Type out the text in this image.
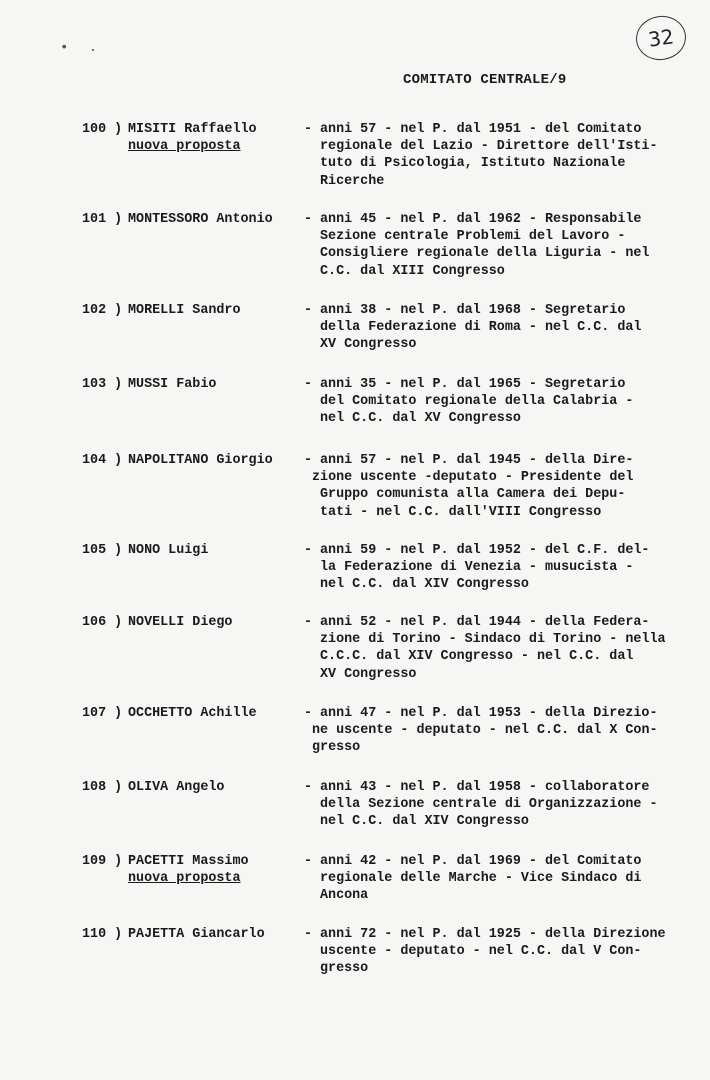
• .	32
COMITATO CENTRALE/9
100 ) MISITI Raffaello
nuova proposta
- anni 57 - nel P. dal 1951 - del Comitato
regionale del Lazio - Direttore dell'Isti-
tuto di Psicologia, Istituto Nazionale
Ricerche
101 ) MONTESSORO Antonio	- anni 45 - nel P. dal 1962 - Responsabile
Sezione centrale Problemi del Lavoro -
Consigliere regionale della Liguria - nel
C.C. dal XIII Congresso
102 ) MORELLI Sandro	- anni 38 - nel P. dal 1968 - Segretario
della Federazione di Roma - nel C.C. dal
XV Congresso
103 ) MUSSI Fabio	- anni 35 - nel P. dal 1965 - Segretario
del Comitato regionale della Calabria -
nel C.C. dal XV Congresso
104 ) NAPOLITANO Giorgio	- anni 57 - nel P. dal 1945 - della Dire-
zione uscente -deputato - Presidente del
Gruppo comunista alla Camera dei Depu-
tati - nel C.C. dall'VIII Congresso
105 ) NONO Luigi	- anni 59 - nel P. dal 1952 - del C.F. del-
la Federazione di Venezia - musucista -
nel C.C. dal XIV Congresso
106 ) NOVELLI Diego	- anni 52 - nel P. dal 1944 - della Federa-
zione di Torino - Sindaco di Torino - nella
C.C.C. dal XIV Congresso - nel C.C. dal
XV Congresso
107 ) OCCHETTO Achille	- anni 47 - nel P. dal 1953 - della Direzio-
ne uscente - deputato - nel C.C. dal X Con-
gresso
108 ) OLIVA Angelo	- anni 43 - nel P. dal 1958 - collaboratore
della Sezione centrale di Organizzazione -
nel C.C. dal XIV Congresso
109 ) PACETTI Massimo
nuova proposta
- anni 42 - nel P. dal 1969 - del Comitato
regionale delle Marche - Vice Sindaco di
Ancona
110 ) PAJETTA Giancarlo	- anni 72 - nel P. dal 1925 - della Direzione
uscente - deputato - nel C.C. dal V Con-
gresso
